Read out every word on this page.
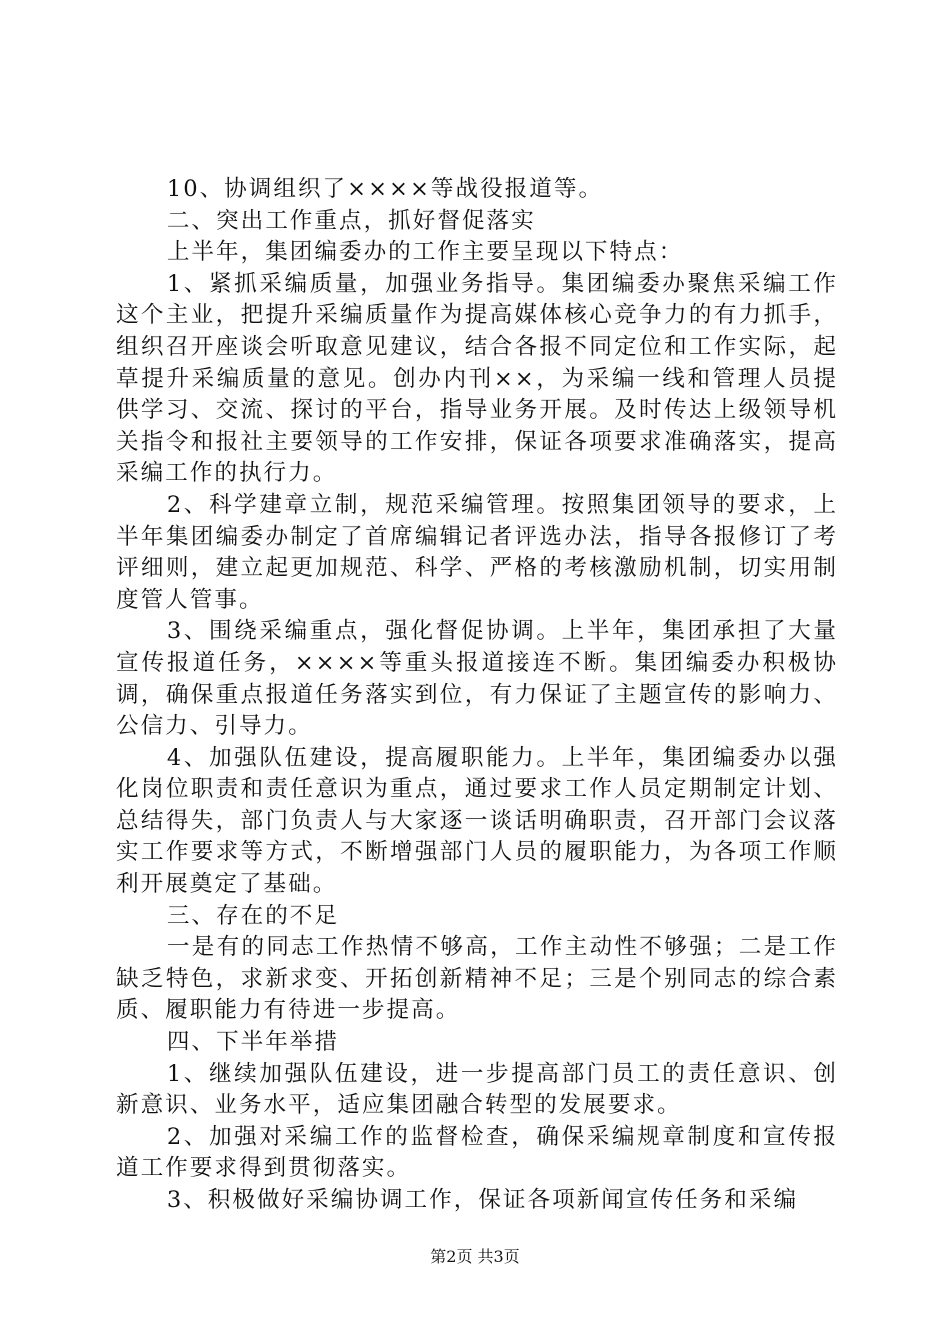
10、协调组织了××××等战役报道等。

二、突出工作重点，抓好督促落实

上半年，集团编委办的工作主要呈现以下特点：

1、紧抓采编质量，加强业务指导。集团编委办聚焦采编工作这个主业，把提升采编质量作为提高媒体核心竞争力的有力抓手，组织召开座谈会听取意见建议，结合各报不同定位和工作实际，起草提升采编质量的意见。创办内刊××，为采编一线和管理人员提供学习、交流、探讨的平台，指导业务开展。及时传达上级领导机关指令和报社主要领导的工作安排，保证各项要求准确落实，提高采编工作的执行力。

2、科学建章立制，规范采编管理。按照集团领导的要求，上半年集团编委办制定了首席编辑记者评选办法，指导各报修订了考评细则，建立起更加规范、科学、严格的考核激励机制，切实用制度管人管事。

3、围绕采编重点，强化督促协调。上半年，集团承担了大量宣传报道任务，××××等重头报道接连不断。集团编委办积极协调，确保重点报道任务落实到位，有力保证了主题宣传的影响力、公信力、引导力。

4、加强队伍建设，提高履职能力。上半年，集团编委办以强化岗位职责和责任意识为重点，通过要求工作人员定期制定计划、总结得失，部门负责人与大家逐一谈话明确职责，召开部门会议落实工作要求等方式，不断增强部门人员的履职能力，为各项工作顺利开展奠定了基础。

三、存在的不足

一是有的同志工作热情不够高，工作主动性不够强；二是工作缺乏特色，求新求变、开拓创新精神不足；三是个别同志的综合素质、履职能力有待进一步提高。

四、下半年举措

1、继续加强队伍建设，进一步提高部门员工的责任意识、创新意识、业务水平，适应集团融合转型的发展要求。

2、加强对采编工作的监督检查，确保采编规章制度和宣传报道工作要求得到贯彻落实。

3、积极做好采编协调工作，保证各项新闻宣传任务和采编

第2页 共3页
